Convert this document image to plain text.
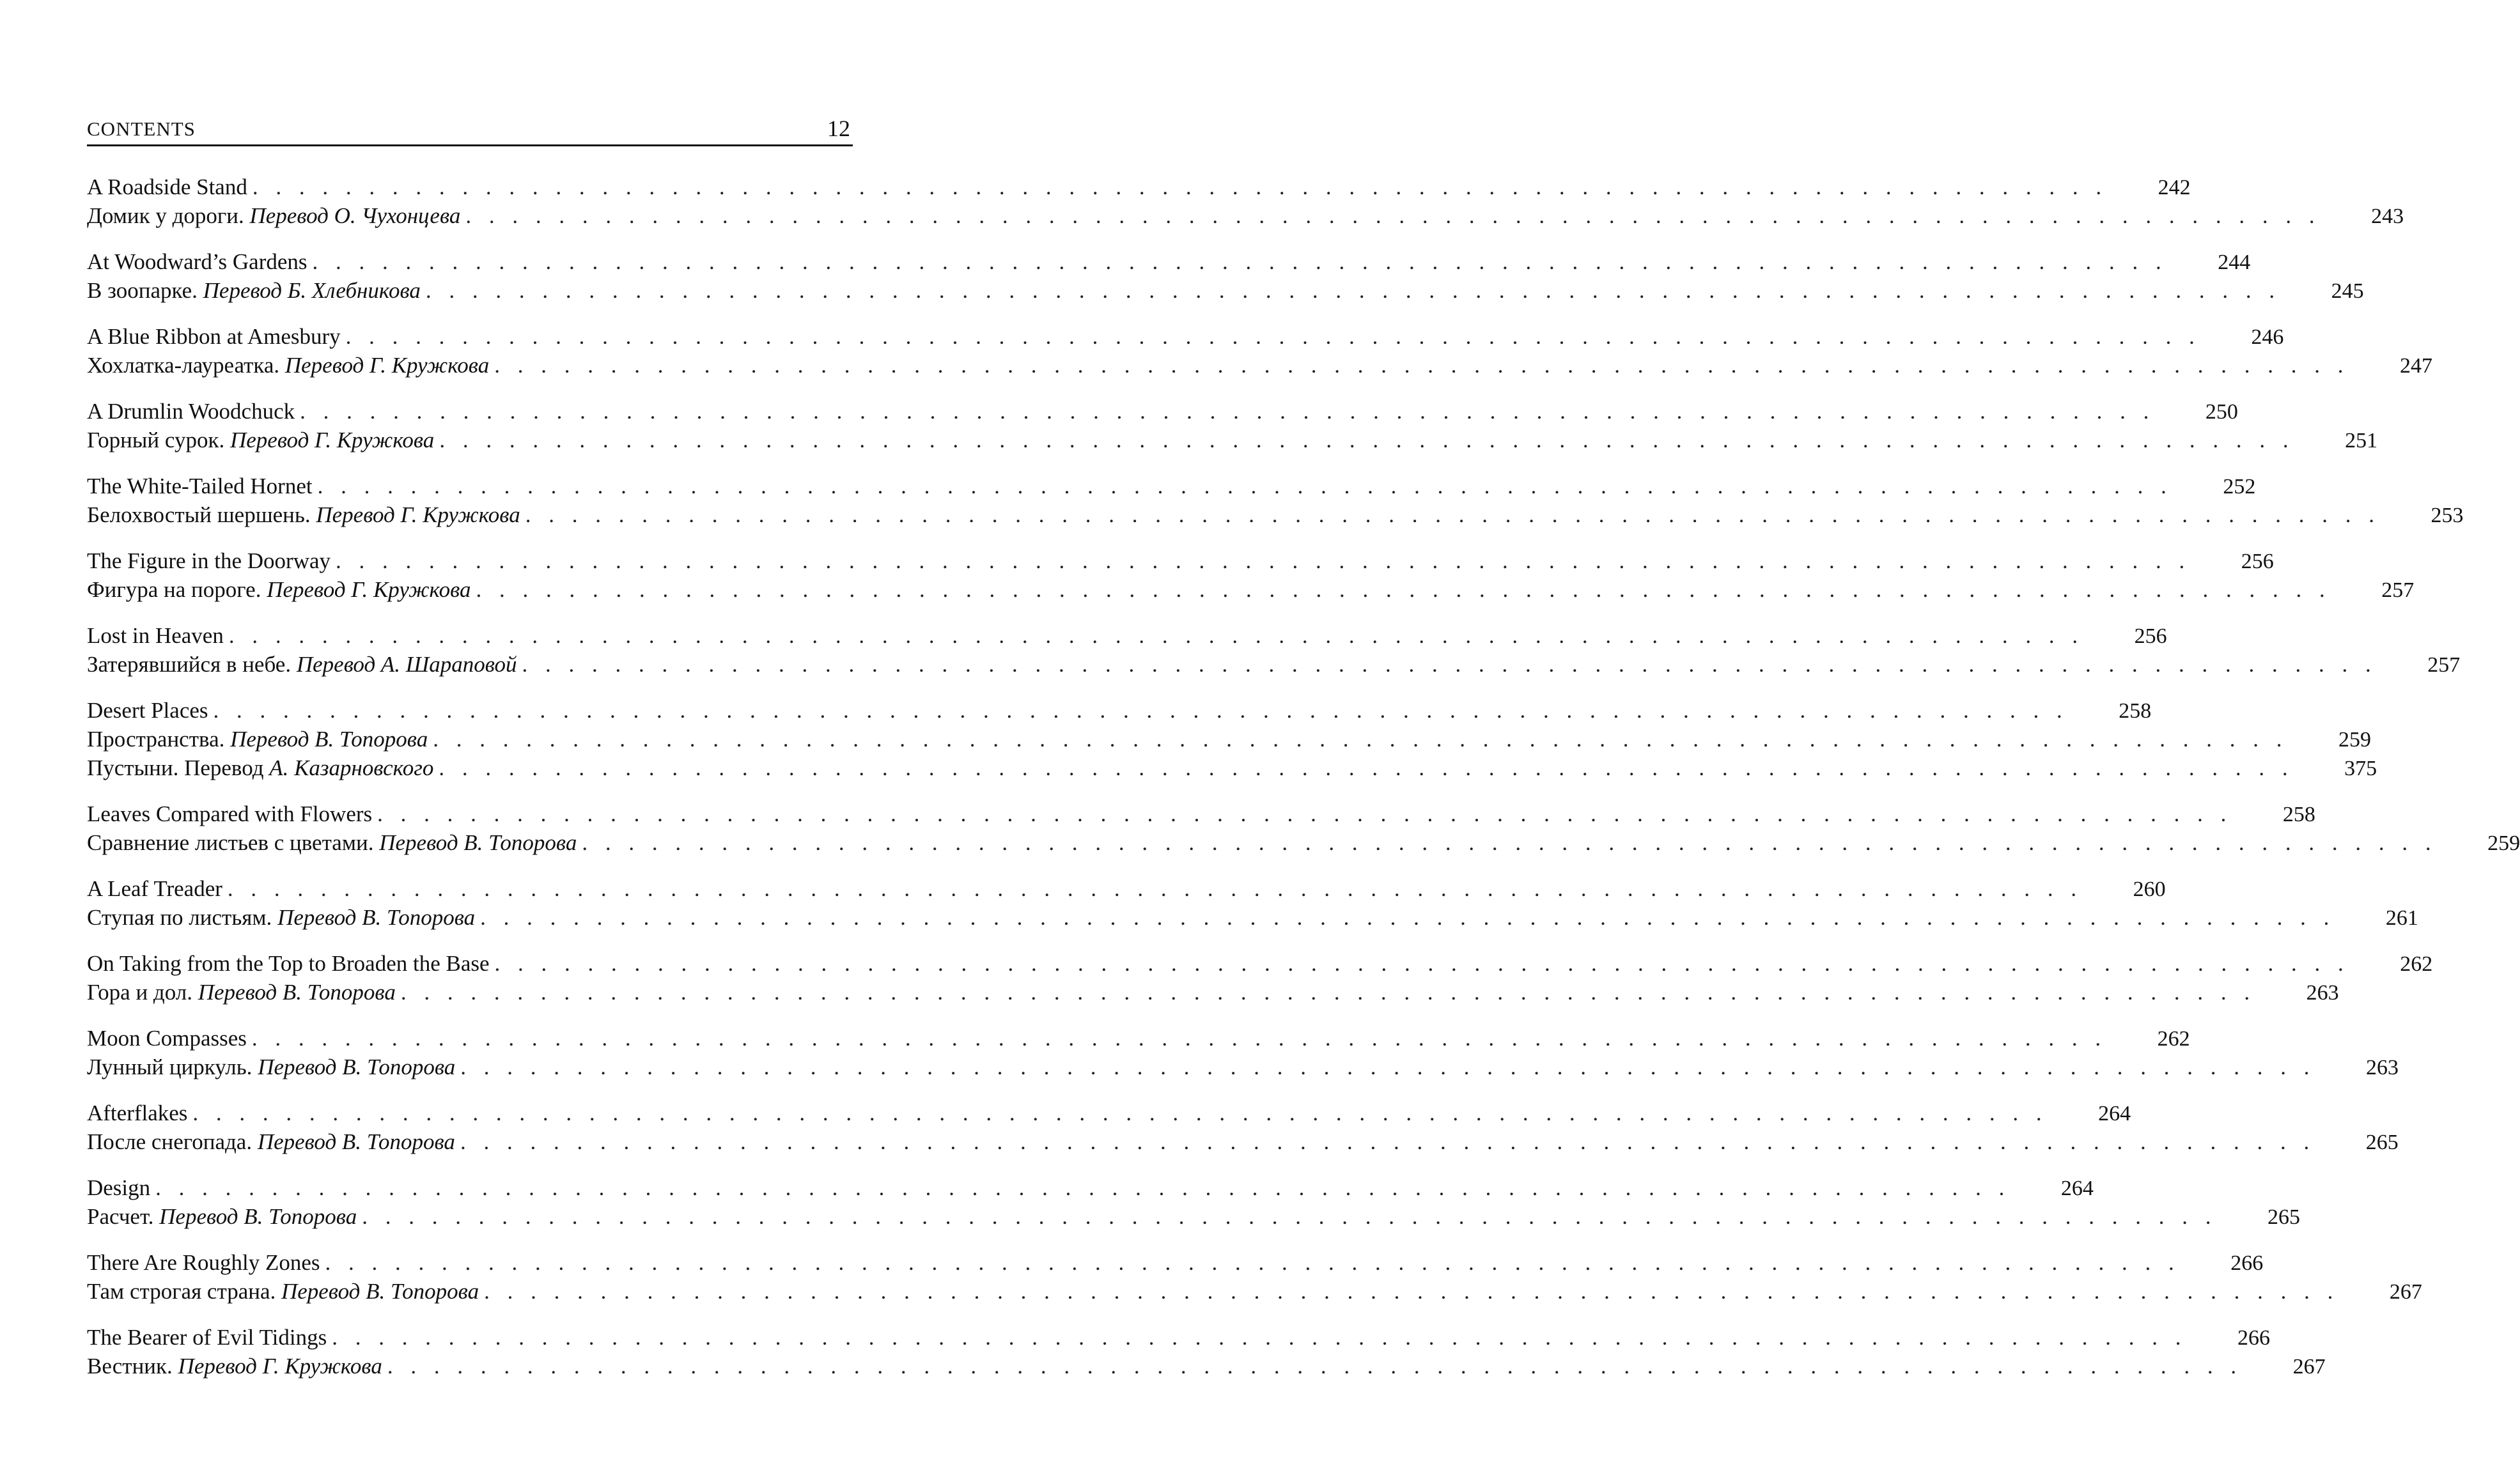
CONTENTS	12
A Roadside Stand . . . . . . . . . . . . . . . . . . . . . . . . . . . . . . . . . . . . . . . . . . . . . . . . . . . . . . . . . . . . . . . . . . . . . . . . . . . . . . . . 242
Домик у дороги. Перевод О. Чухонцева . . . . . . . . . . . . . . . . . . . . . . . . . . . . . . . . . . . . . . . . . . . . . . . . . . . . . . . . . . . . . . . . . . . . . . . . . . . . . . . . 243
At Woodward’s Gardens . . . . . . . . . . . . . . . . . . . . . . . . . . . . . . . . . . . . . . . . . . . . . . . . . . . . . . . . . . . . . . . . . . . . . . . . . . . . . . . . 244
В зоопарке. Перевод Б. Хлебникова . . . . . . . . . . . . . . . . . . . . . . . . . . . . . . . . . . . . . . . . . . . . . . . . . . . . . . . . . . . . . . . . . . . . . . . . . . . . . . . . 245
A Blue Ribbon at Amesbury . . . . . . . . . . . . . . . . . . . . . . . . . . . . . . . . . . . . . . . . . . . . . . . . . . . . . . . . . . . . . . . . . . . . . . . . . . . . . . . . 246
Хохлатка-лауреатка. Перевод Г. Кружкова . . . . . . . . . . . . . . . . . . . . . . . . . . . . . . . . . . . . . . . . . . . . . . . . . . . . . . . . . . . . . . . . . . . . . . . . . . . . . . . . 247
A Drumlin Woodchuck . . . . . . . . . . . . . . . . . . . . . . . . . . . . . . . . . . . . . . . . . . . . . . . . . . . . . . . . . . . . . . . . . . . . . . . . . . . . . . . . 250
Горный сурок. Перевод Г. Кружкова . . . . . . . . . . . . . . . . . . . . . . . . . . . . . . . . . . . . . . . . . . . . . . . . . . . . . . . . . . . . . . . . . . . . . . . . . . . . . . . . 251
The White-Tailed Hornet . . . . . . . . . . . . . . . . . . . . . . . . . . . . . . . . . . . . . . . . . . . . . . . . . . . . . . . . . . . . . . . . . . . . . . . . . . . . . . . . 252
Белохвостый шершень. Перевод Г. Кружкова . . . . . . . . . . . . . . . . . . . . . . . . . . . . . . . . . . . . . . . . . . . . . . . . . . . . . . . . . . . . . . . . . . . . . . . . . . . . . . . . 253
The Figure in the Doorway . . . . . . . . . . . . . . . . . . . . . . . . . . . . . . . . . . . . . . . . . . . . . . . . . . . . . . . . . . . . . . . . . . . . . . . . . . . . . . . . 256
Фигура на пороге. Перевод Г. Кружкова . . . . . . . . . . . . . . . . . . . . . . . . . . . . . . . . . . . . . . . . . . . . . . . . . . . . . . . . . . . . . . . . . . . . . . . . . . . . . . . . 257
Lost in Heaven . . . . . . . . . . . . . . . . . . . . . . . . . . . . . . . . . . . . . . . . . . . . . . . . . . . . . . . . . . . . . . . . . . . . . . . . . . . . . . . . 256
Затерявшийся в небе. Перевод А. Шараповой . . . . . . . . . . . . . . . . . . . . . . . . . . . . . . . . . . . . . . . . . . . . . . . . . . . . . . . . . . . . . . . . . . . . . . . . . . . . . . . . 257
Desert Places . . . . . . . . . . . . . . . . . . . . . . . . . . . . . . . . . . . . . . . . . . . . . . . . . . . . . . . . . . . . . . . . . . . . . . . . . . . . . . . . 258
Пространства. Перевод В. Топорова . . . . . . . . . . . . . . . . . . . . . . . . . . . . . . . . . . . . . . . . . . . . . . . . . . . . . . . . . . . . . . . . . . . . . . . . . . . . . . . . 259
Пустыни. Перевод А. Казарновского . . . . . . . . . . . . . . . . . . . . . . . . . . . . . . . . . . . . . . . . . . . . . . . . . . . . . . . . . . . . . . . . . . . . . . . . . . . . . . . . 375
Leaves Compared with Flowers . . . . . . . . . . . . . . . . . . . . . . . . . . . . . . . . . . . . . . . . . . . . . . . . . . . . . . . . . . . . . . . . . . . . . . . . . . . . . . . . 258
Сравнение листьев с цветами. Перевод В. Топорова . . . . . . . . . . . . . . . . . . . . . . . . . . . . . . . . . . . . . . . . . . . . . . . . . . . . . . . . . . . . . . . . . . . . . . . . . . . . . . . . 259
A Leaf Treader . . . . . . . . . . . . . . . . . . . . . . . . . . . . . . . . . . . . . . . . . . . . . . . . . . . . . . . . . . . . . . . . . . . . . . . . . . . . . . . . 260
Ступая по листьям. Перевод В. Топорова . . . . . . . . . . . . . . . . . . . . . . . . . . . . . . . . . . . . . . . . . . . . . . . . . . . . . . . . . . . . . . . . . . . . . . . . . . . . . . . . 261
On Taking from the Top to Broaden the Base . . . . . . . . . . . . . . . . . . . . . . . . . . . . . . . . . . . . . . . . . . . . . . . . . . . . . . . . . . . . . . . . . . . . . . . . . . . . . . . . 262
Гора и дол. Перевод В. Топорова . . . . . . . . . . . . . . . . . . . . . . . . . . . . . . . . . . . . . . . . . . . . . . . . . . . . . . . . . . . . . . . . . . . . . . . . . . . . . . . . 263
Moon Compasses . . . . . . . . . . . . . . . . . . . . . . . . . . . . . . . . . . . . . . . . . . . . . . . . . . . . . . . . . . . . . . . . . . . . . . . . . . . . . . . . 262
Лунный циркуль. Перевод В. Топорова . . . . . . . . . . . . . . . . . . . . . . . . . . . . . . . . . . . . . . . . . . . . . . . . . . . . . . . . . . . . . . . . . . . . . . . . . . . . . . . . 263
Afterflakes . . . . . . . . . . . . . . . . . . . . . . . . . . . . . . . . . . . . . . . . . . . . . . . . . . . . . . . . . . . . . . . . . . . . . . . . . . . . . . . . 264
После снегопада. Перевод В. Топорова . . . . . . . . . . . . . . . . . . . . . . . . . . . . . . . . . . . . . . . . . . . . . . . . . . . . . . . . . . . . . . . . . . . . . . . . . . . . . . . . 265
Design . . . . . . . . . . . . . . . . . . . . . . . . . . . . . . . . . . . . . . . . . . . . . . . . . . . . . . . . . . . . . . . . . . . . . . . . . . . . . . . . 264
Расчет. Перевод В. Топорова . . . . . . . . . . . . . . . . . . . . . . . . . . . . . . . . . . . . . . . . . . . . . . . . . . . . . . . . . . . . . . . . . . . . . . . . . . . . . . . . 265
There Are Roughly Zones . . . . . . . . . . . . . . . . . . . . . . . . . . . . . . . . . . . . . . . . . . . . . . . . . . . . . . . . . . . . . . . . . . . . . . . . . . . . . . . . 266
Там строгая страна. Перевод В. Топорова . . . . . . . . . . . . . . . . . . . . . . . . . . . . . . . . . . . . . . . . . . . . . . . . . . . . . . . . . . . . . . . . . . . . . . . . . . . . . . . . 267
The Bearer of Evil Tidings . . . . . . . . . . . . . . . . . . . . . . . . . . . . . . . . . . . . . . . . . . . . . . . . . . . . . . . . . . . . . . . . . . . . . . . . . . . . . . . . 266
Вестник. Перевод Г. Кружкова . . . . . . . . . . . . . . . . . . . . . . . . . . . . . . . . . . . . . . . . . . . . . . . . . . . . . . . . . . . . . . . . . . . . . . . . . . . . . . . . 267
